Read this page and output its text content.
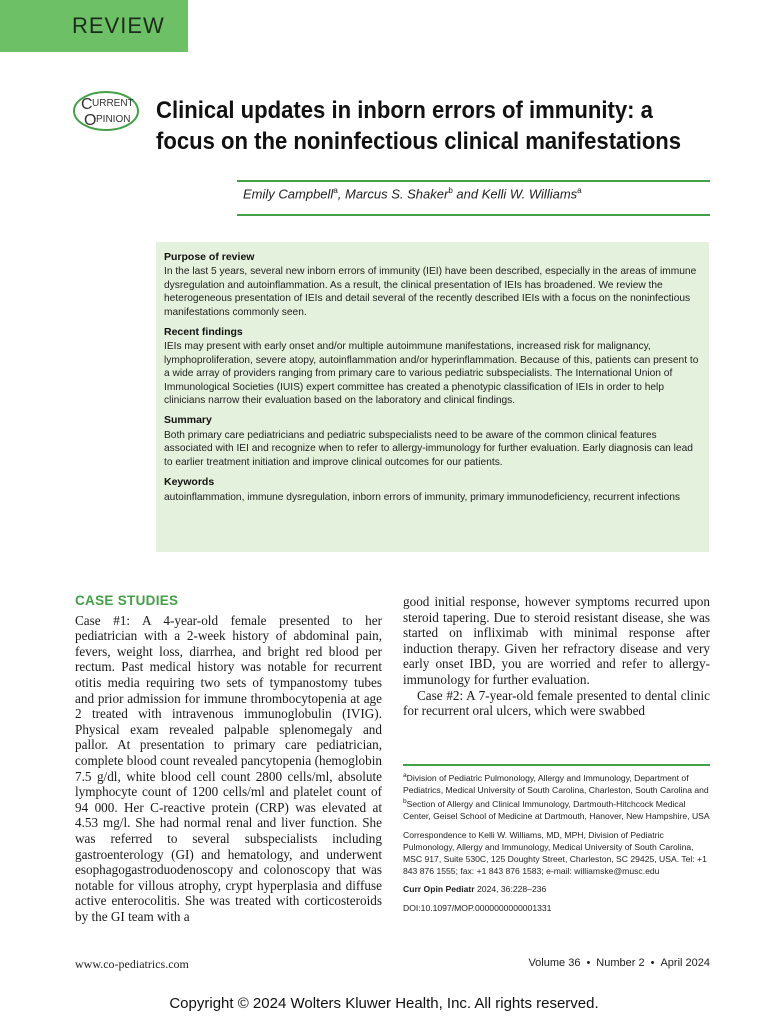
REVIEW
C URRENT
O PINION Clinical updates in inborn errors of immunity: a focus on the noninfectious clinical manifestations
Emily Campbell$^a$, Marcus S. Shaker$^b$ and Kelli W. Williams$^a$
Purpose of review
In the last 5 years, several new inborn errors of immunity (IEI) have been described, especially in the areas of immune dysregulation and autoinflammation. As a result, the clinical presentation of IEIs has broadened. We review the heterogeneous presentation of IEIs and detail several of the recently described IEIs with a focus on the noninfectious manifestations commonly seen.
Recent findings
IEIs may present with early onset and/or multiple autoimmune manifestations, increased risk for malignancy, lymphoproliferation, severe atopy, autoinflammation and/or hyperinflammation. Because of this, patients can present to a wide array of providers ranging from primary care to various pediatric subspecialists. The International Union of Immunological Societies (IUIS) expert committee has created a phenotypic classification of IEIs in order to help clinicians narrow their evaluation based on the laboratory and clinical findings.
Summary
Both primary care pediatricians and pediatric subspecialists need to be aware of the common clinical features associated with IEI and recognize when to refer to allergy-immunology for further evaluation. Early diagnosis can lead to earlier treatment initiation and improve clinical outcomes for our patients.
Keywords
autoinflammation, immune dysregulation, inborn errors of immunity, primary immunodeficiency, recurrent infections
CASE STUDIES

Case #1: A 4-year-old female presented to her pediatrician with a 2-week history of abdominal pain, fevers, weight loss, diarrhea, and bright red blood per rectum. Past medical history was notable for recurrent otitis media requiring two sets of tympanostomy tubes and prior admission for immune thrombocytopenia at age 2 treated with intravenous immunoglobulin (IVIG). Physical exam revealed palpable splenomegaly and pallor. At presentation to primary care pediatrician, complete blood count revealed pancytopenia (hemoglobin 7.5 g/dl, white blood cell count 2800 cells/ml, absolute lymphocyte count of 1200 cells/ml and platelet count of 94 000. Her C-reactive protein (CRP) was elevated at 4.53 mg/l. She had normal renal and liver function. She was referred to several subspecialists including gastroenterology (GI) and hematology, and underwent esophagogastroduodenoscopy and colonoscopy that was notable for villous atrophy, crypt hyperplasia and diffuse active enterocolitis. She was treated with corticosteroids by the GI team with a

good initial response, however symptoms recurred upon steroid tapering. Due to steroid resistant disease, she was started on infliximab with minimal response after induction therapy. Given her refractory disease and very early onset IBD, you are worried and refer to allergy-immunology for further evaluation.

Case #2: A 7-year-old female presented to dental clinic for recurrent oral ulcers, which were swabbed

$^a$Division of Pediatric Pulmonology, Allergy and Immunology, Department of Pediatrics, Medical University of South Carolina, Charleston, South Carolina and $^b$Section of Allergy and Clinical Immunology, Dartmouth-Hitchcock Medical Center, Geisel School of Medicine at Dartmouth, Hanover, New Hampshire, USA

Correspondence to Kelli W. Williams, MD, MPH, Division of Pediatric Pulmonology, Allergy and Immunology, Medical University of South Carolina, MSC 917, Suite 530C, 125 Doughty Street, Charleston, SC 29425, USA. Tel: +1 843 876 1555; fax: +1 843 876 1583; e-mail: williamske@musc.edu

Curr Opin Pediatr 2024, 36:228–236

DOI:10.1097/MOP.0000000000001331

www.co-pediatrics.com	Volume 36 • Number 2 • April 2024
Copyright © 2024 Wolters Kluwer Health, Inc. All rights reserved.
